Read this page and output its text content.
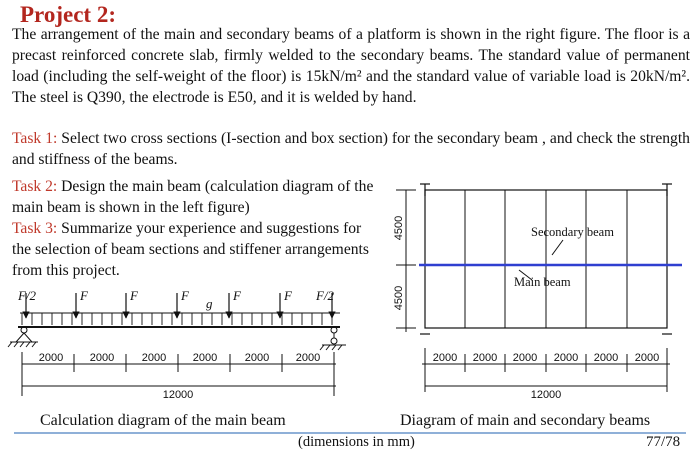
Project 2:
The arrangement of the main and secondary beams of a platform is shown in the right figure. The floor is a precast reinforced concrete slab, firmly welded to the secondary beams. The standard value of permanent load (including the self-weight of the floor) is 15kN/m² and the standard value of variable load is 20kN/m². The steel is Q390, the electrode is E50, and it is welded by hand.
Task 1: Select two cross sections (I-section and box section) for the secondary beam , and check the strength and stiffness of the beams.
Task 2: Design the main beam (calculation diagram of the main beam is shown in the left figure)
Task 3: Summarize your experience and suggestions for the selection of beam sections and stiffener arrangements from this project.
F/2	F	F	F	F	F F/2
g
2000 2000	2000 2000	2000 2000
12000
Calculation diagram of the main beam
4500
4500
Secondary beam
Main beam
2000 2000 2000 2000 2000 2000
12000
Diagram of main and secondary beams
(dimensions in mm)	77/78
